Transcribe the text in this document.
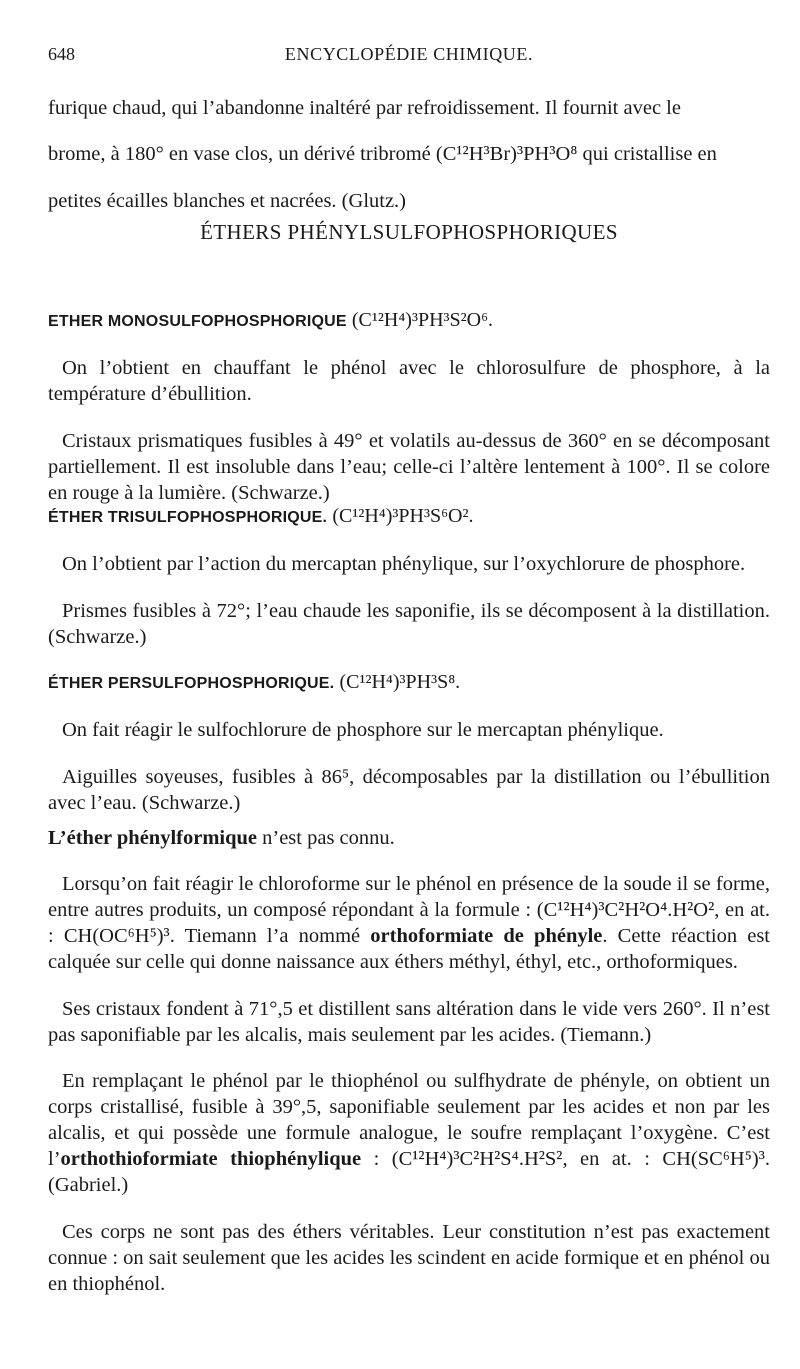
648	ENCYCLOPÉDIE CHIMIQUE.

furique chaud, qui l’abandonne inaltéré par refroidissement. Il fournit avec le

brome, à 180° en vase clos, un dérivé tribromé (C¹²H³Br)³PH³O⁸ qui cristallise en

petites écailles blanches et nacrées. (Glutz.)

ÉTHERS PHÉNYLSULFOPHOSPHORIQUES

ETHER MONOSULFOPHOSPHORIQUE (C¹²H⁴)³PH³S²O⁶.

On l’obtient en chauffant le phénol avec le chlorosulfure de phosphore, à la température d’ébullition.

Cristaux prismatiques fusibles à 49° et volatils au-dessus de 360° en se décomposant partiellement. Il est insoluble dans l’eau; celle-ci l’altère lentement à 100°. Il se colore en rouge à la lumière. (Schwarze.)

ÉTHER TRISULFOPHOSPHORIQUE. (C¹²H⁴)³PH³S⁶O².

On l’obtient par l’action du mercaptan phénylique, sur l’oxychlorure de phosphore.

Prismes fusibles à 72°; l’eau chaude les saponifie, ils se décomposent à la distillation. (Schwarze.)

ÉTHER PERSULFOPHOSPHORIQUE. (C¹²H⁴)³PH³S⁸.

On fait réagir le sulfochlorure de phosphore sur le mercaptan phénylique.

Aiguilles soyeuses, fusibles à 86⁵, décomposables par la distillation ou l’ébullition avec l’eau. (Schwarze.)

L’éther phénylformique n’est pas connu.

Lorsqu’on fait réagir le chloroforme sur le phénol en présence de la soude il se forme, entre autres produits, un composé répondant à la formule : (C¹²H⁴)³C²H²O⁴.H²O², en at. : CH(OC⁶H⁵)³. Tiemann l’a nommé orthoformiate de phényle. Cette réaction est calquée sur celle qui donne naissance aux éthers méthyl, éthyl, etc., orthoformiques.

Ses cristaux fondent à 71°,5 et distillent sans altération dans le vide vers 260°. Il n’est pas saponifiable par les alcalis, mais seulement par les acides. (Tiemann.)

En remplaçant le phénol par le thiophénol ou sulfhydrate de phényle, on obtient un corps cristallisé, fusible à 39°,5, saponifiable seulement par les acides et non par les alcalis, et qui possède une formule analogue, le soufre remplaçant l’oxygène. C’est l’orthothioformiate thiophénylique : (C¹²H⁴)³C²H²S⁴.H²S², en at. : CH(SC⁶H⁵)³. (Gabriel.)

Ces corps ne sont pas des éthers véritables. Leur constitution n’est pas exactement connue : on sait seulement que les acides les scindent en acide formique et en phénol ou en thiophénol.
